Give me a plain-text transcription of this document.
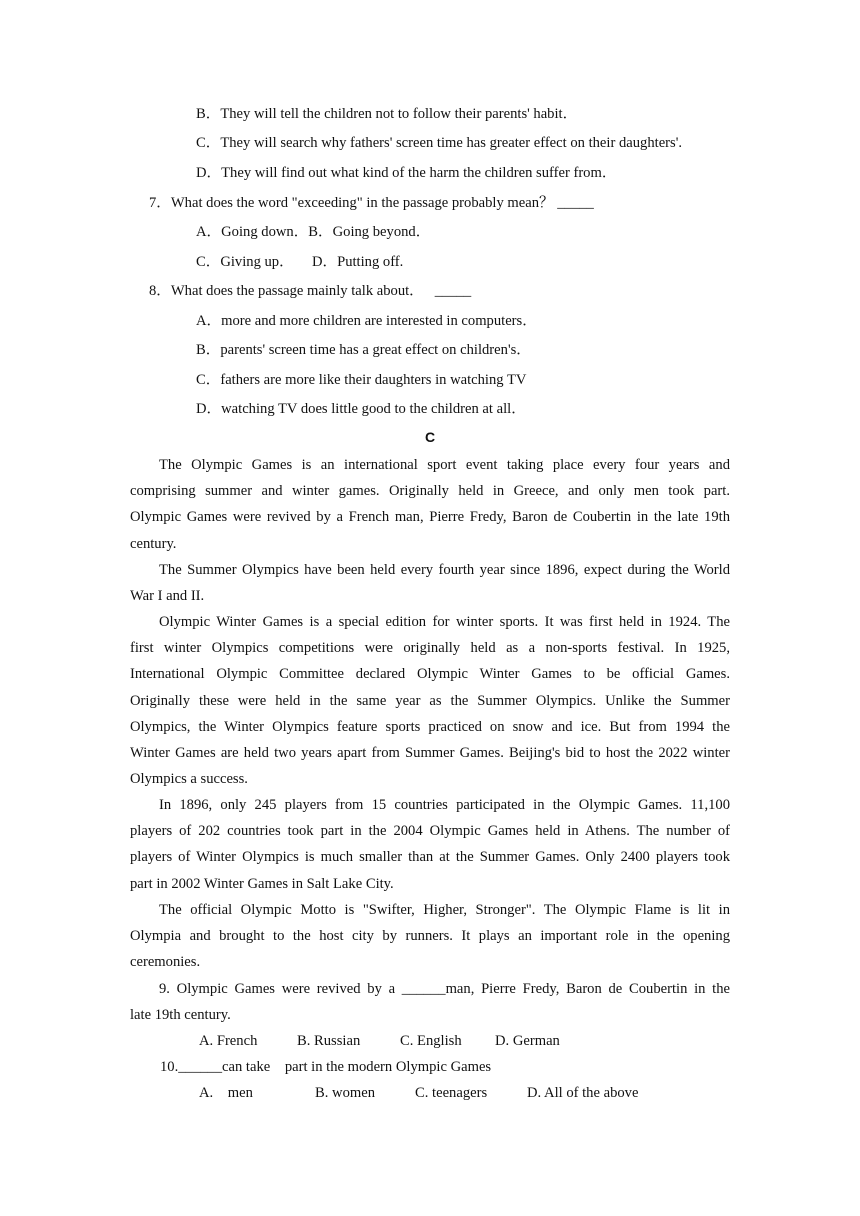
B．They will tell the children not to follow their parents' habit．
C．They will search why fathers' screen time has greater effect on their daughters'.
D．They will find out what kind of the harm the children suffer from．
7．What does the word "exceeding" in the passage probably mean？ _____
A．Going down．B．Going beyond．
C．Giving up．     D．Putting off.
8．What does the passage mainly talk about．   _____
A．more and more children are interested in computers．
B．parents' screen time has a great effect on children's．
C．fathers are more like their daughters in watching TV
D．watching TV does little good to the children at all．
C
The Olympic Games is an international sport event taking place every four years and
comprising summer and winter games. Originally held in Greece, and only men took part.
Olympic Games were revived by a French man, Pierre Fredy, Baron de Coubertin in the late 19th
century.
The Summer Olympics have been held every fourth year since 1896, expect during the World
War I and II.
Olympic Winter Games is a special edition for winter sports. It was first held in 1924. The
first winter Olympics competitions were originally held as a non-sports festival. In 1925,
International Olympic Committee declared Olympic Winter Games to be official Games.
Originally these were held in the same year as the Summer Olympics. Unlike the Summer
Olympics, the Winter Olympics feature sports practiced on snow and ice. But from 1994 the
Winter Games are held two years apart from Summer Games. Beijing's bid to host the 2022 winter
Olympics a success.
In 1896, only 245 players from 15 countries participated in the Olympic Games. 11,100
players of 202 countries took part in the 2004 Olympic Games held in Athens. The number of
players of Winter Olympics is much smaller than at the Summer Games. Only 2400 players took
part in 2002 Winter Games in Salt Lake City.
The official Olympic Motto is "Swifter, Higher, Stronger". The Olympic Flame is lit in
Olympia and brought to the host city by runners. It plays an important role in the opening
ceremonies.
9. Olympic Games were revived by a ______man, Pierre Fredy, Baron de Coubertin in the
late 19th century.
A. French	B. Russian	C. English D. German
10.______can take    part in the modern Olympic Games
A.    men	B. women	C. teenagers	D. All of the above
